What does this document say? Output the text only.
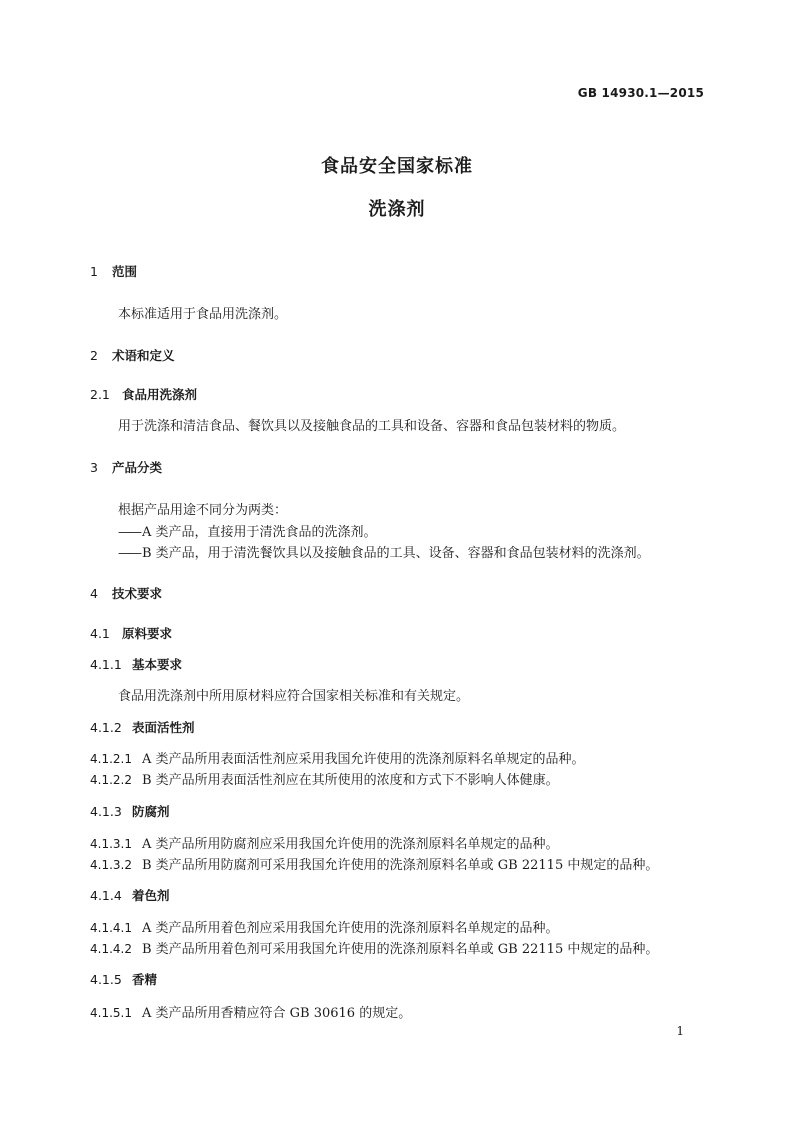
GB 14930.1—2015
食品安全国家标准
洗涤剂
1 范围
本标准适用于食品用洗涤剂。
2 术语和定义
2.1 食品用洗涤剂
用于洗涤和清洁食品、餐饮具以及接触食品的工具和设备、容器和食品包装材料的物质。
3 产品分类
根据产品用途不同分为两类：
—— A 类产品，直接用于清洗食品的洗涤剂。
—— B 类产品，用于清洗餐饮具以及接触食品的工具、设备、容器和食品包装材料的洗涤剂。
4 技术要求
4.1 原料要求
4.1.1 基本要求
食品用洗涤剂中所用原材料应符合国家相关标准和有关规定。
4.1.2 表面活性剂
4.1.2.1 A 类产品所用表面活性剂应采用我国允许使用的洗涤剂原料名单规定的品种。
4.1.2.2 B 类产品所用表面活性剂应在其所使用的浓度和方式下不影响人体健康。
4.1.3 防腐剂
4.1.3.1 A 类产品所用防腐剂应采用我国允许使用的洗涤剂原料名单规定的品种。
4.1.3.2 B 类产品所用防腐剂可采用我国允许使用的洗涤剂原料名单或 GB 22115 中规定的品种。
4.1.4 着色剂
4.1.4.1 A 类产品所用着色剂应采用我国允许使用的洗涤剂原料名单规定的品种。
4.1.4.2 B 类产品所用着色剂可采用我国允许使用的洗涤剂原料名单或 GB 22115 中规定的品种。
4.1.5 香精
4.1.5.1 A 类产品所用香精应符合 GB 30616 的规定。
1
